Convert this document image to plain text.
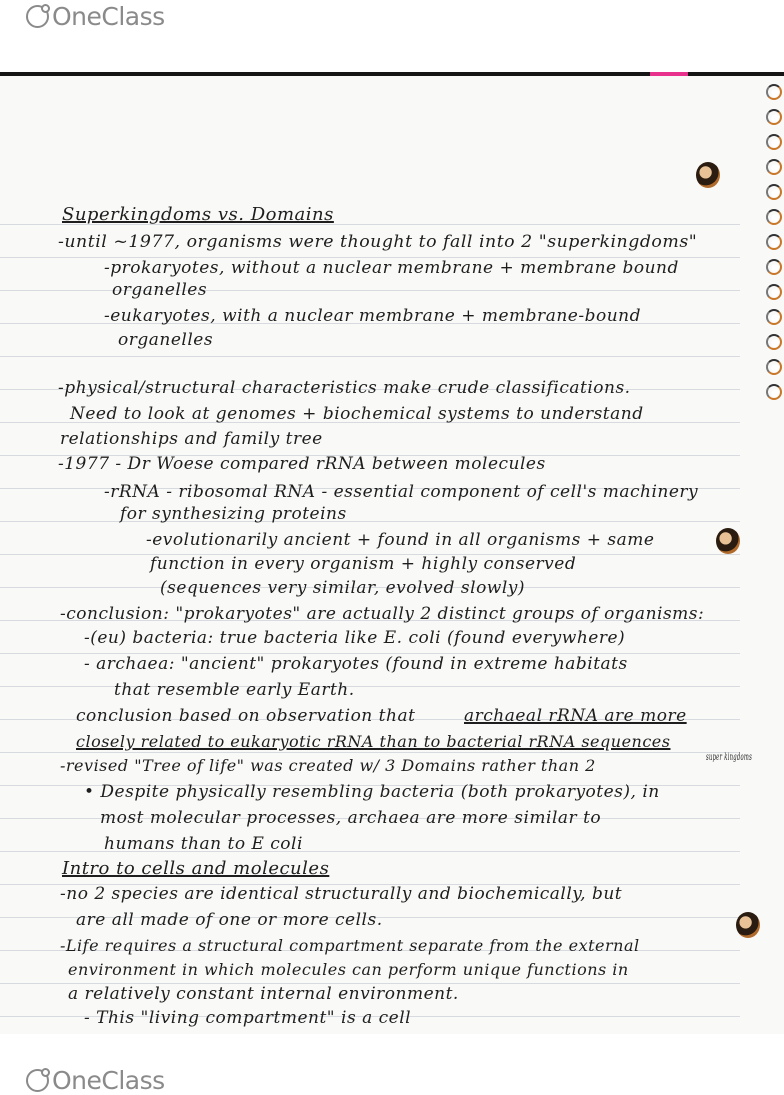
OneClass
Superkingdoms vs. Domains
-until ~1977, organisms were thought to fall into 2 "superkingdoms"
-prokaryotes, without a nuclear membrane + membrane bound
organelles
-eukaryotes, with a nuclear membrane + membrane-bound
organelles
-physical/structural characteristics make crude classifications.
Need to look at genomes + biochemical systems to understand
relationships and family tree
-1977 - Dr Woese compared rRNA between molecules
-rRNA - ribosomal RNA - essential component of cell's machinery
for synthesizing proteins
-evolutionarily ancient + found in all organisms + same
function in every organism + highly conserved
(sequences very similar, evolved slowly)
-conclusion: "prokaryotes" are actually 2 distinct groups of organisms:
-(eu) bacteria: true bacteria like E. coli (found everywhere)
- archaea: "ancient" prokaryotes (found in extreme habitats
that resemble early Earth.
conclusion based on observation that	archaeal rRNA are more
closely related to eukaryotic rRNA than to bacterial rRNA sequences
-revised "Tree of life" was created w/ 3 Domains rather than 2	super kingdoms
• Despite physically resembling bacteria (both prokaryotes), in
most molecular processes, archaea are more similar to
humans than to E coli
Intro to cells and molecules
-no 2 species are identical structurally and biochemically, but
are all made of one or more cells.
-Life requires a structural compartment separate from the external
environment in which molecules can perform unique functions in
a relatively constant internal environment.
- This "living compartment" is a cell
OneClass
